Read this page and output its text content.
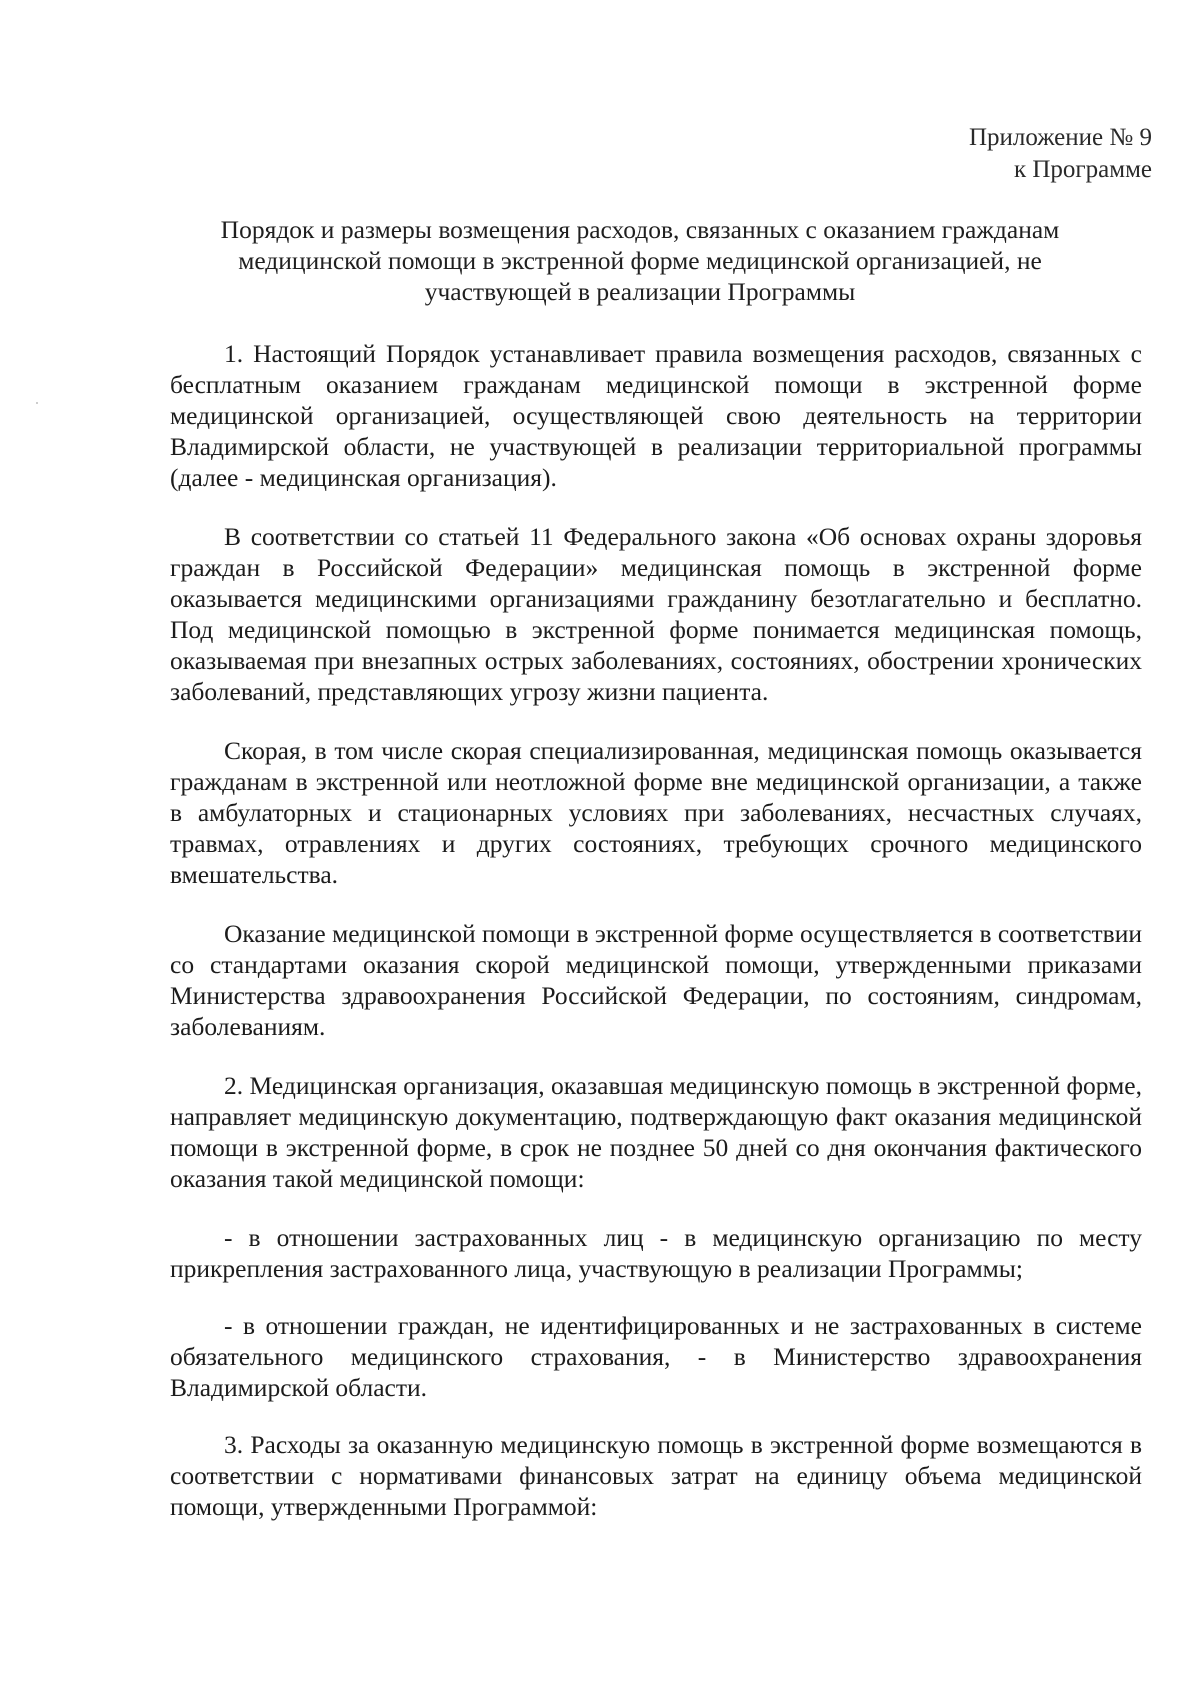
Приложение № 9
к Программе
Порядок и размеры возмещения расходов, связанных с оказанием гражданам
медицинской помощи в экстренной форме медицинской организацией, не
участвующей в реализации Программы

1. Настоящий Порядок устанавливает правила возмещения расходов, связанных с бесплатным оказанием гражданам медицинской помощи в экстренной форме медицинской организацией, осуществляющей свою деятельность на территории Владимирской области, не участвующей в реализации территориальной программы (далее - медицинская организация).

В соответствии со статьей 11 Федерального закона «Об основах охраны здоровья граждан в Российской Федерации» медицинская помощь в экстренной форме оказывается медицинскими организациями гражданину безотлагательно и бесплатно. Под медицинской помощью в экстренной форме понимается медицинская помощь, оказываемая при внезапных острых заболеваниях, состояниях, обострении хронических заболеваний, представляющих угрозу жизни пациента.

Скорая, в том числе скорая специализированная, медицинская помощь оказывается гражданам в экстренной или неотложной форме вне медицинской организации, а также в амбулаторных и стационарных условиях при заболеваниях, несчастных случаях, травмах, отравлениях и других состояниях, требующих срочного медицинского вмешательства.

Оказание медицинской помощи в экстренной форме осуществляется в соответствии со стандартами оказания скорой медицинской помощи, утвержденными приказами Министерства здравоохранения Российской Федерации, по состояниям, синдромам, заболеваниям.

2. Медицинская организация, оказавшая медицинскую помощь в экстренной форме, направляет медицинскую документацию, подтверждающую факт оказания медицинской помощи в экстренной форме, в срок не позднее 50 дней со дня окончания фактического оказания такой медицинской помощи:

- в отношении застрахованных лиц - в медицинскую организацию по месту прикрепления застрахованного лица, участвующую в реализации Программы;

- в отношении граждан, не идентифицированных и не застрахованных в системе обязательного медицинского страхования, - в Министерство здравоохранения Владимирской области.

3. Расходы за оказанную медицинскую помощь в экстренной форме возмещаются в соответствии с нормативами финансовых затрат на единицу объема медицинской помощи, утвержденными Программой:
